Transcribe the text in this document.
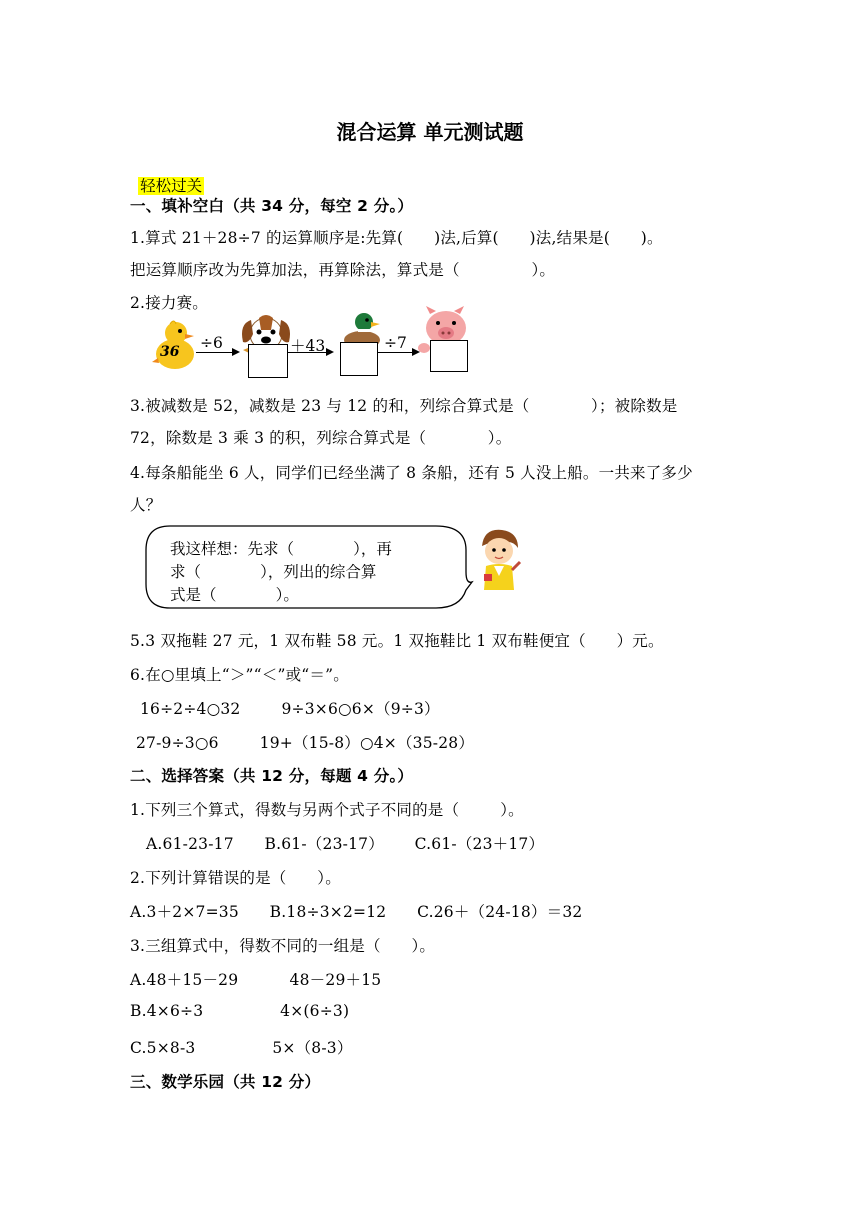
混合运算 单元测试题

轻松过关

一、填补空白（共 34 分，每空 2 分。）
1.算式 21＋28÷7 的运算顺序是:先算(      )法,后算(      )法,结果是(      )。
把运算顺序改为先算加法，再算除法，算式是（              ）。
2.接力赛。
36 ÷6	＋43	÷7
3.被减数是 52，减数是 23 与 12 的和，列综合算式是（            ）；被除数是
72，除数是 3 乘 3 的积，列综合算式是（            ）。
4.每条船能坐 6 人，同学们已经坐满了 8 条船，还有 5 人没上船。一共来了多少
人？
我这样想：先求（            ），再
求（            ），列出的综合算
式是（            ）。
5.3 双拖鞋 27 元，1 双布鞋 58 元。1 双拖鞋比 1 双布鞋便宜（      ）元。
6.在○里填上“＞”“＜”或“＝”。
16÷2÷4○32        9÷3×6○6×（9÷3）
27-9÷3○6        19+（15-8）○4×（35-28）
二、选择答案（共 12 分，每题 4 分。）
1.下列三个算式，得数与另两个式子不同的是（        ）。
A.61-23-17      B.61-（23-17）      C.61-（23＋17）
2.下列计算错误的是（      ）。
A.3＋2×7=35      B.18÷3×2=12      C.26＋（24-18）＝32
3.三组算式中，得数不同的一组是（      ）。
A.48＋15－29          48－29＋15
B.4×6÷3               4×(6÷3)
C.5×8-3               5×（8-3）
三、数学乐园（共 12 分）
